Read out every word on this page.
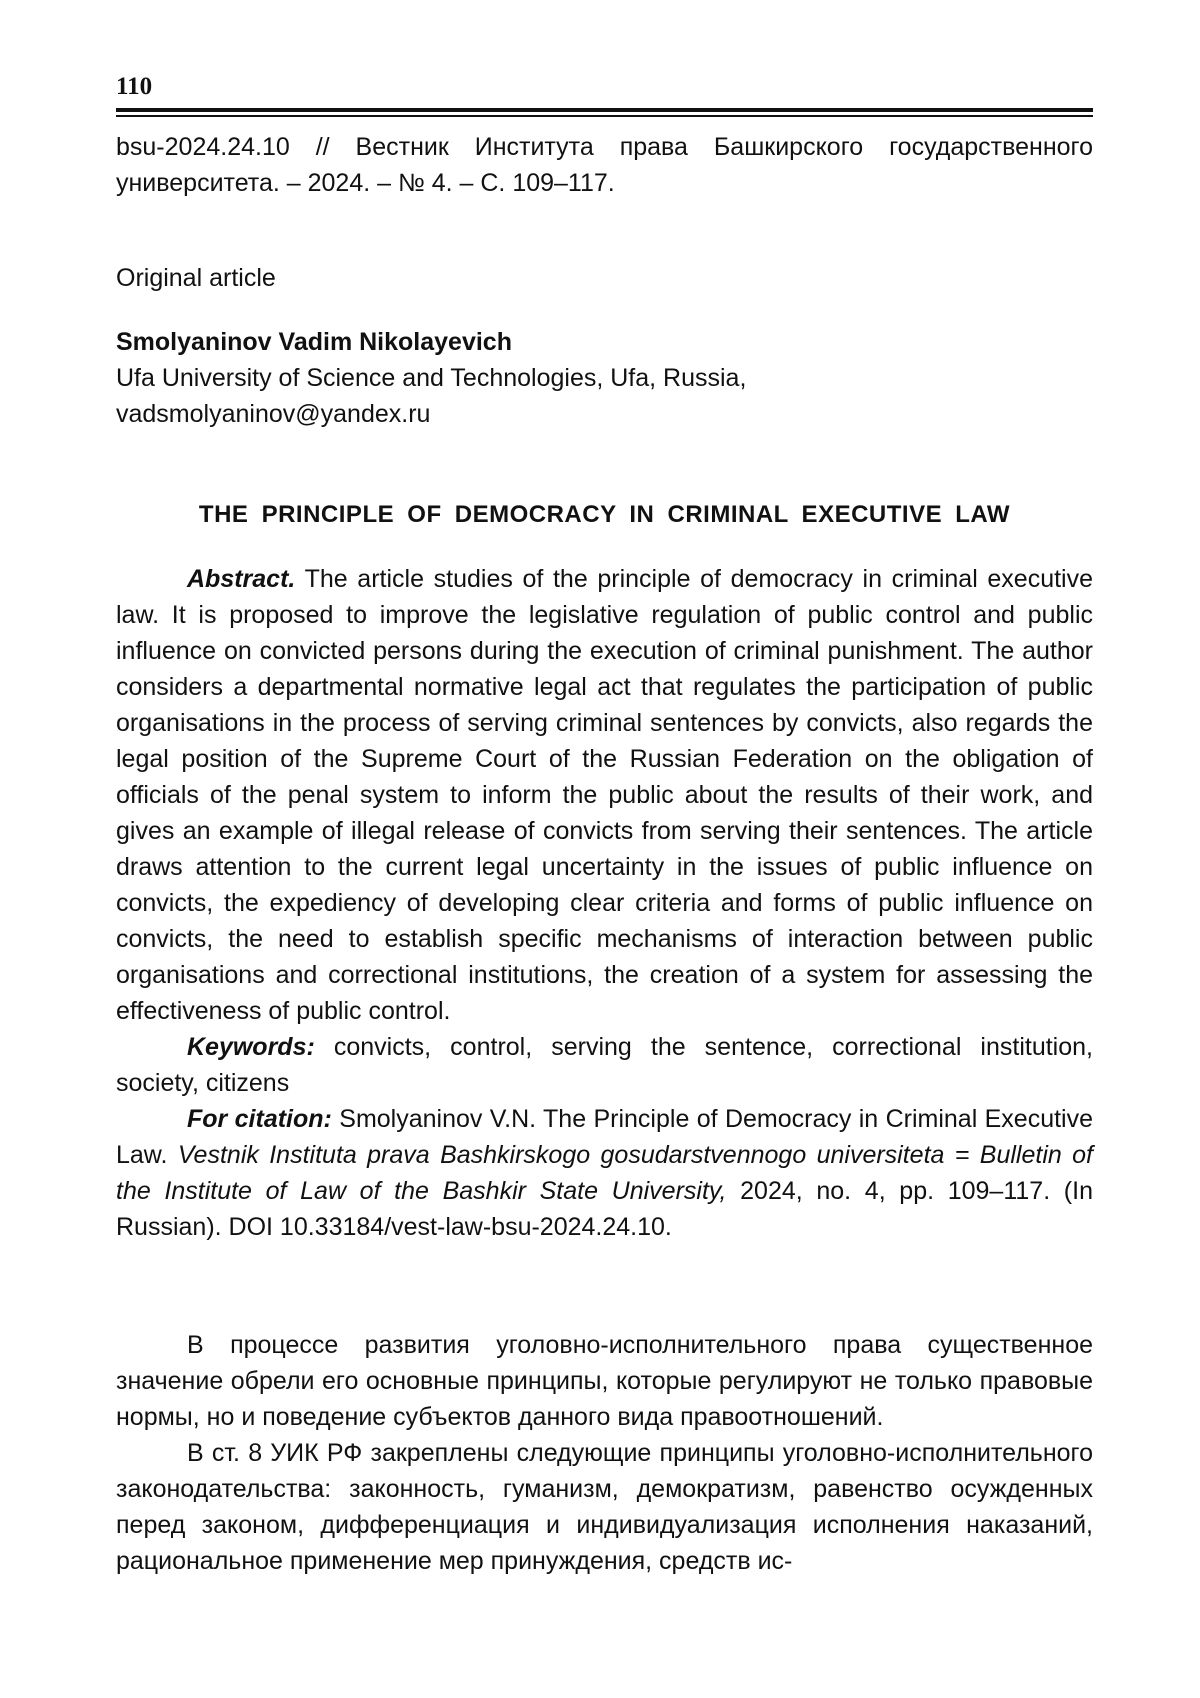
110

bsu-2024.24.10 // Вестник Института права Башкирского государственного университета. – 2024. – № 4. – С. 109–117.

Original article

Smolyaninov Vadim Nikolayevich

Ufa University of Science and Technologies, Ufa, Russia,

vadsmolyaninov@yandex.ru

THE PRINCIPLE OF DEMOCRACY IN CRIMINAL EXECUTIVE LAW

Abstract. The article studies of the principle of democracy in criminal executive law. It is proposed to improve the legislative regulation of public control and public influence on convicted persons during the execution of criminal punishment. The author considers a departmental normative legal act that regulates the participation of public organisations in the process of serving criminal sentences by convicts, also regards the legal position of the Supreme Court of the Russian Federation on the obligation of officials of the penal system to inform the public about the results of their work, and gives an example of illegal release of convicts from serving their sentences. The article draws attention to the current legal uncertainty in the issues of public influence on convicts, the expediency of developing clear criteria and forms of public influence on convicts, the need to establish specific mechanisms of interaction between public organisations and correctional institutions, the creation of a system for assessing the effectiveness of public control.

Keywords: convicts, control, serving the sentence, correctional institution, society, citizens

For citation: Smolyaninov V.N. The Principle of Democracy in Criminal Executive Law. Vestnik Instituta prava Bashkirskogo gosudarstvennogo universiteta = Bulletin of the Institute of Law of the Bashkir State University, 2024, no. 4, pp. 109–117. (In Russian). DOI 10.33184/vest-law-bsu-2024.24.10.

В процессе развития уголовно-исполнительного права существенное значение обрели его основные принципы, которые регулируют не только правовые нормы, но и поведение субъектов данного вида правоотношений.

В ст. 8 УИК РФ закреплены следующие принципы уголовно-исполнительного законодательства: законность, гуманизм, демократизм, равенство осужденных перед законом, дифференциация и индивидуализация исполнения наказаний, рациональное применение мер принуждения, средств ис-
